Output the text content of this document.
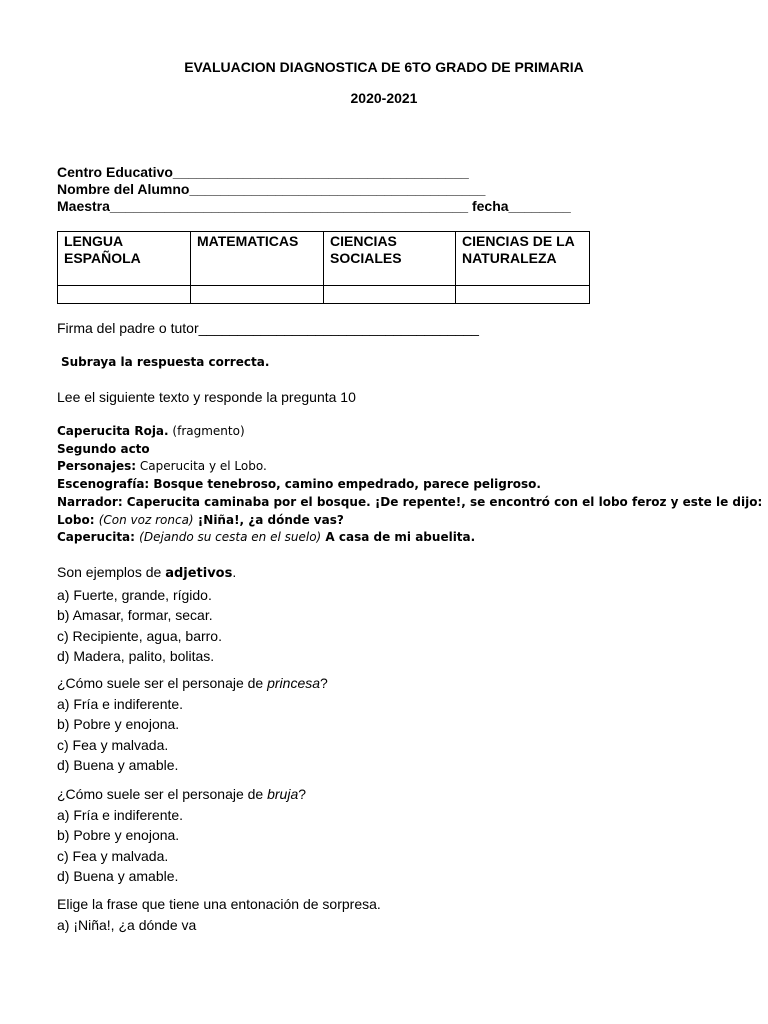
EVALUACION DIAGNOSTICA DE 6TO GRADO DE PRIMARIA
2020-2021
Centro Educativo______________________________________
Nombre del Alumno______________________________________
Maestra______________________________________________ fecha________
LENGUA ESPAÑOLA	MATEMATICAS	CIENCIAS SOCIALES	CIENCIAS DE LA NATURALEZA

Firma del padre o tutor____________________________________
Subraya la respuesta correcta.
Lee el siguiente texto y responde la pregunta 10
Caperucita Roja. (fragmento)
Segundo acto
Personajes: Caperucita y el Lobo.
Escenografía: Bosque tenebroso, camino empedrado, parece peligroso.
Narrador: Caperucita caminaba por el bosque. ¡De repente!, se encontró con el lobo feroz y este le dijo:
Lobo: (Con voz ronca) ¡Niña!, ¿a dónde vas?
Caperucita: (Dejando su cesta en el suelo) A casa de mi abuelita.
Son ejemplos de adjetivos.
a) Fuerte, grande, rígido.
b) Amasar, formar, secar.
c) Recipiente, agua, barro.
d) Madera, palito, bolitas.
¿Cómo suele ser el personaje de princesa?
a) Fría e indiferente.
b) Pobre y enojona.
c) Fea y malvada.
d) Buena y amable.
¿Cómo suele ser el personaje de bruja?
a) Fría e indiferente.
b) Pobre y enojona.
c) Fea y malvada.
d) Buena y amable.
Elige la frase que tiene una entonación de sorpresa.
a) ¡Niña!, ¿a dónde va
